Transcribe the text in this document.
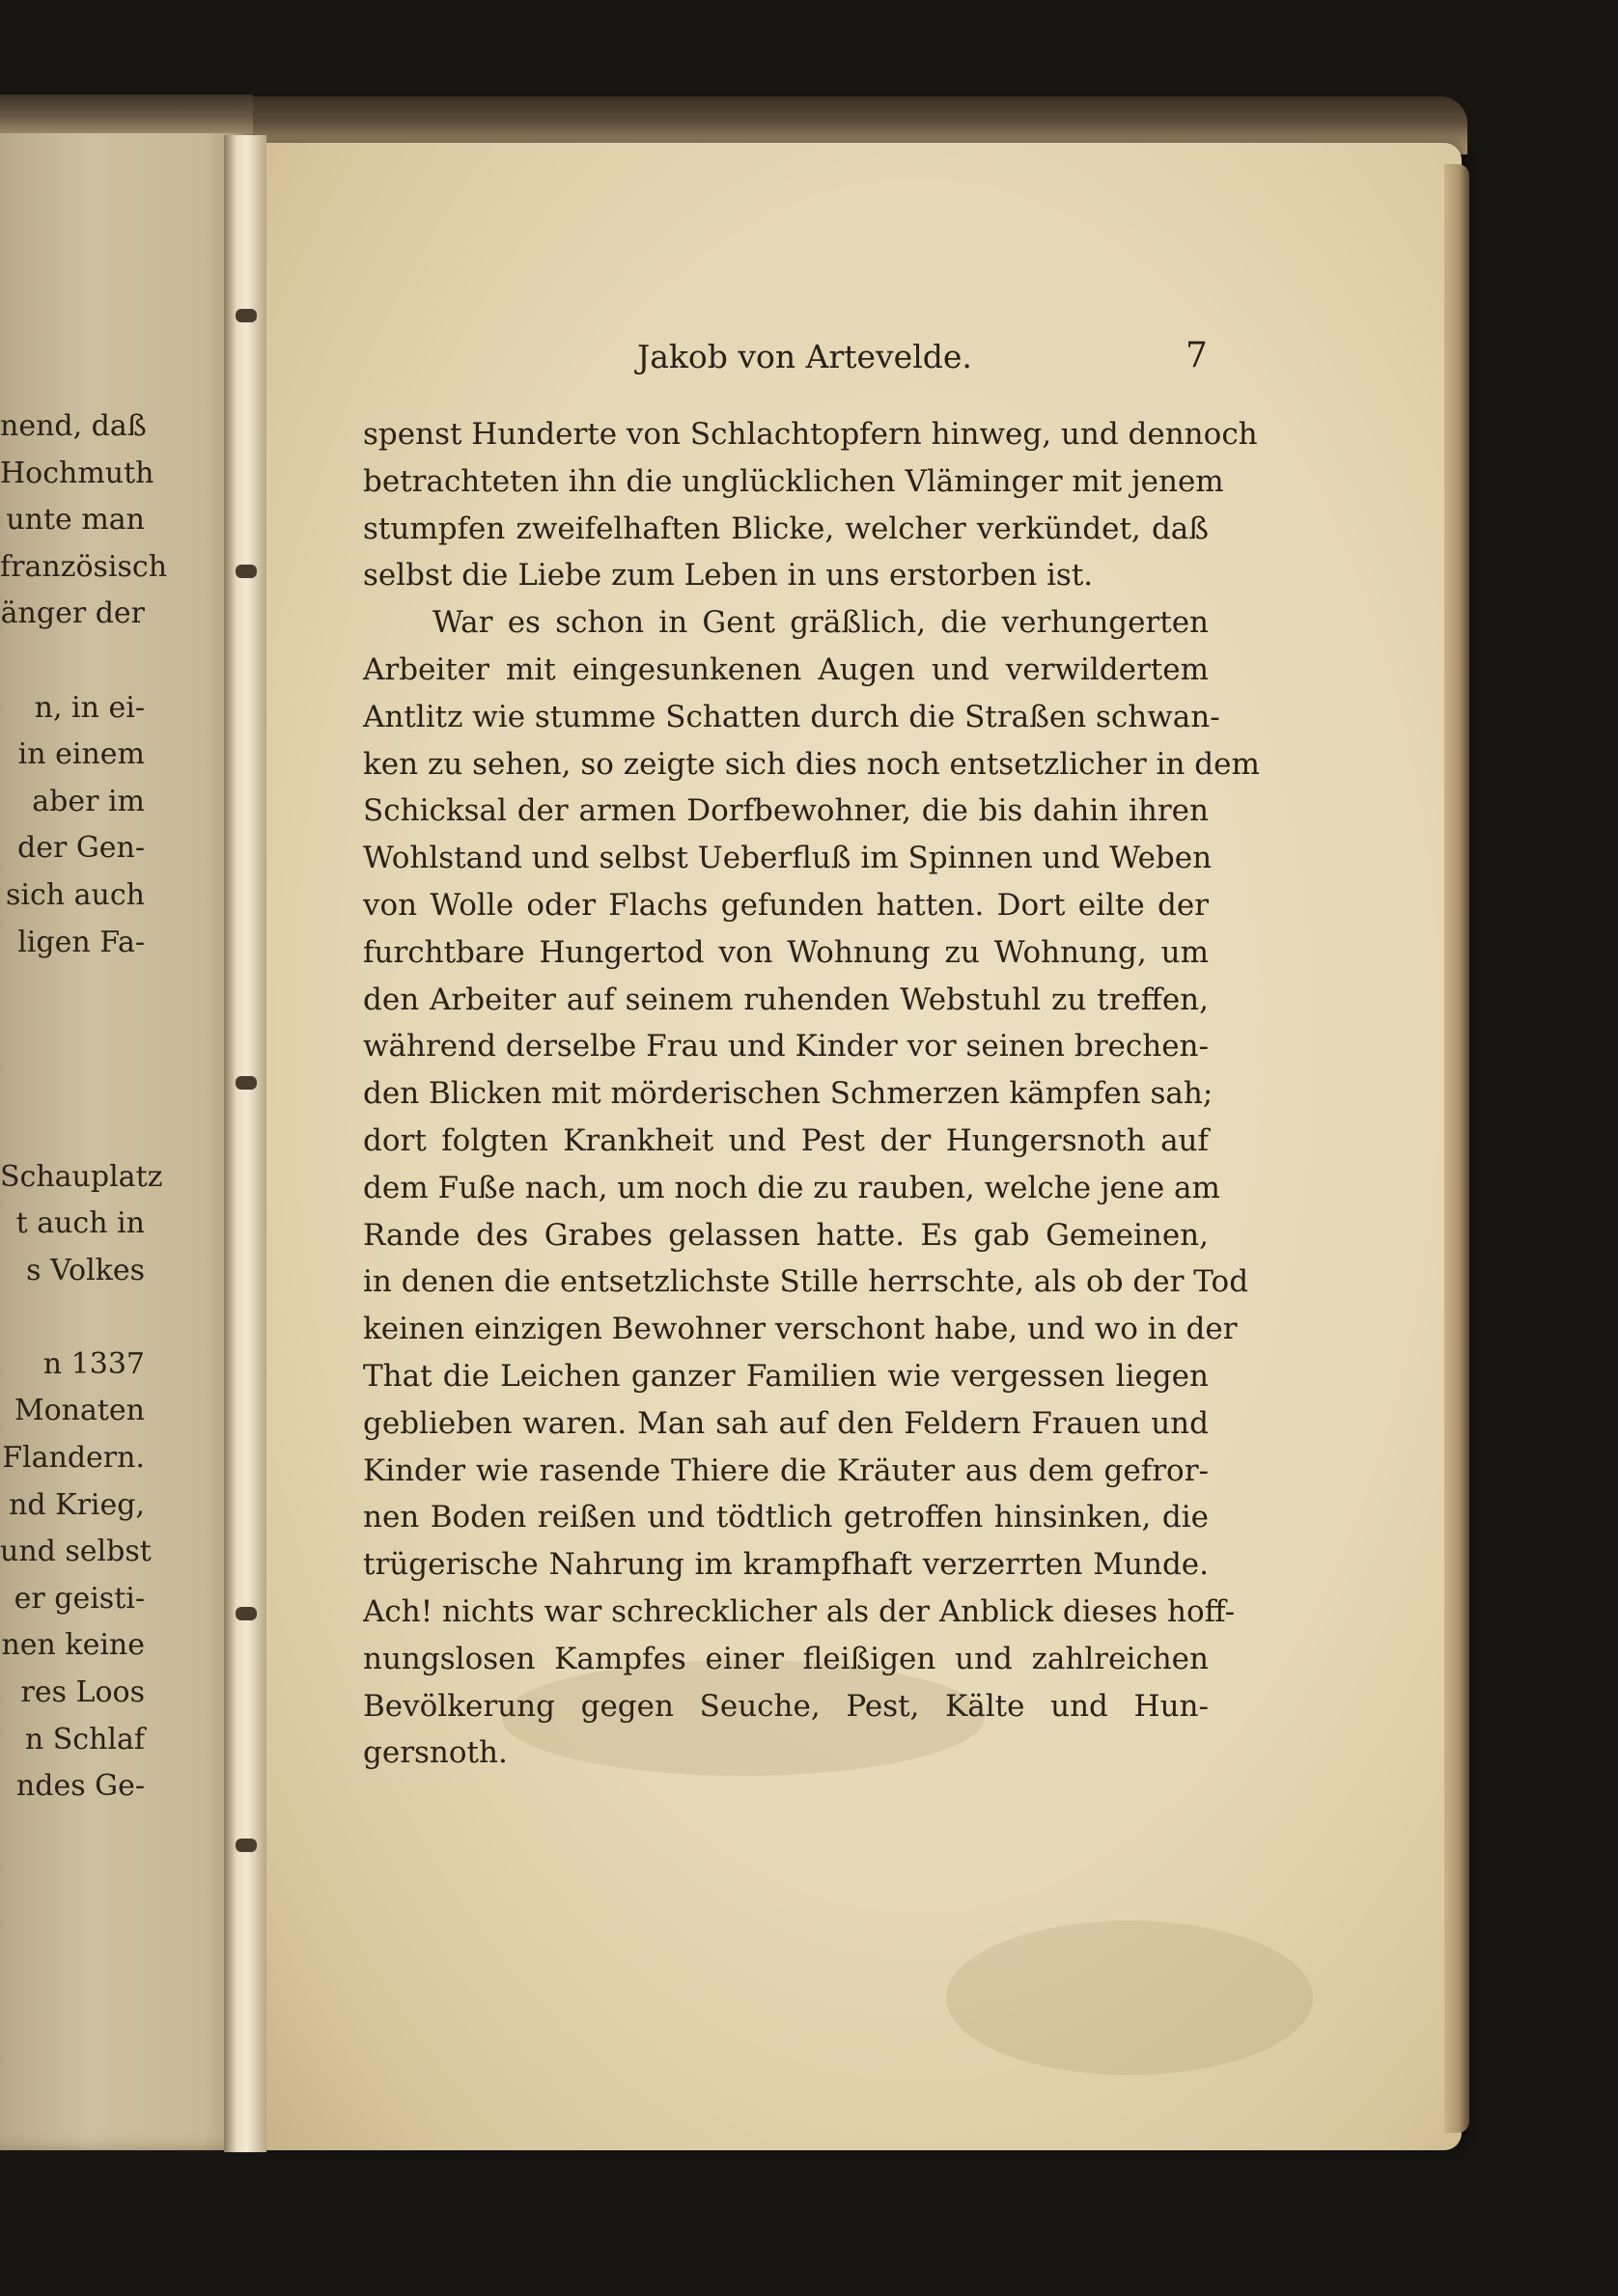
nend, daß
Hochmuth
unte man
französisch
änger der
n, in ei-
in einem
aber im
der Gen-
sich auch
ligen Fa-
Schauplatz
t auch in
s Volkes
n 1337
Monaten
Flandern.
nd Krieg,
und selbst
er geisti-
nen keine
res Loos
n Schlaf
ndes Ge-
Jakob von Artevelde.	7
spenst Hunderte von Schlachtopfern hinweg, und dennoch
betrachteten ihn die unglücklichen Vläminger mit jenem
stumpfen zweifelhaften Blicke, welcher verkündet, daß
selbst die Liebe zum Leben in uns erstorben ist.
War es schon in Gent gräßlich, die verhungerten
Arbeiter mit eingesunkenen Augen und verwildertem
Antlitz wie stumme Schatten durch die Straßen schwan-
ken zu sehen, so zeigte sich dies noch entsetzlicher in dem
Schicksal der armen Dorfbewohner, die bis dahin ihren
Wohlstand und selbst Ueberfluß im Spinnen und Weben
von Wolle oder Flachs gefunden hatten. Dort eilte der
furchtbare Hungertod von Wohnung zu Wohnung, um
den Arbeiter auf seinem ruhenden Webstuhl zu treffen,
während derselbe Frau und Kinder vor seinen brechen-
den Blicken mit mörderischen Schmerzen kämpfen sah;
dort folgten Krankheit und Pest der Hungersnoth auf
dem Fuße nach, um noch die zu rauben, welche jene am
Rande des Grabes gelassen hatte. Es gab Gemeinen,
in denen die entsetzlichste Stille herrschte, als ob der Tod
keinen einzigen Bewohner verschont habe, und wo in der
That die Leichen ganzer Familien wie vergessen liegen
geblieben waren. Man sah auf den Feldern Frauen und
Kinder wie rasende Thiere die Kräuter aus dem gefror-
nen Boden reißen und tödtlich getroffen hinsinken, die
trügerische Nahrung im krampfhaft verzerrten Munde.
Ach! nichts war schrecklicher als der Anblick dieses hoff-
nungslosen Kampfes einer fleißigen und zahlreichen
Bevölkerung gegen Seuche, Pest, Kälte und Hun-
gersnoth.
